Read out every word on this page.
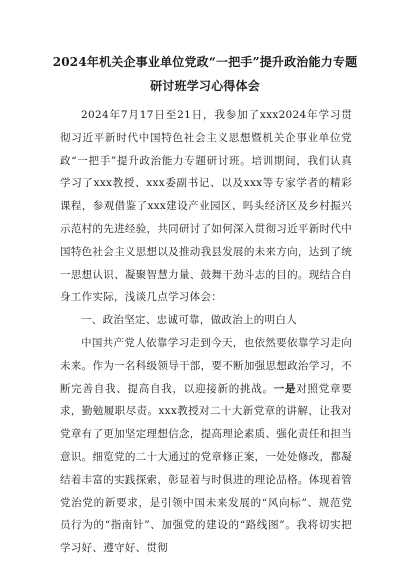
2024年机关企事业单位党政“一把手”提升政治能力专题
研讨班学习心得体会

2024年7月17日至21日，我参加了xxx2024年学习贯彻习近平新时代中国特色社会主义思想暨机关企事业单位党政“一把手”提升政治能力专题研讨班。培训期间，我们认真学习了xxx教授、xxx委副书记、以及xxx等专家学者的精彩课程，参观借鉴了xxx建设产业园区、吗头经济区及乡村振兴示范村的先进经验，共同研讨了如何深入贯彻习近平新时代中国特色社会主义思想以及推动我县发展的未来方向，达到了统一思想认识、凝聚智慧力量、鼓舞干劲斗志的目的。现结合自身工作实际，浅谈几点学习体会：

一、政治坚定、忠诚可靠，做政治上的明白人

中国共产党人依靠学习走到今天，也依然要依靠学习走向未来。作为一名科级领导干部，要不断加强思想政治学习，不断完善自我、提高自我，以迎接新的挑战。一是对照党章要求，勤勉履职尽责。xxx教授对二十大新党章的讲解，让我对党章有了更加坚定理想信念，提高理论素质、强化责任和担当意识。细览党的二十大通过的党章修正案，一处处修改，都凝结着丰富的实践探索，彰显着与时俱进的理论品格。体现着管党治党的新要求，是引领中国未来发展的“风向标”、规范党员行为的“指南针”、加强党的建设的“路线图”。我将切实把学习好、遵守好、贯彻
